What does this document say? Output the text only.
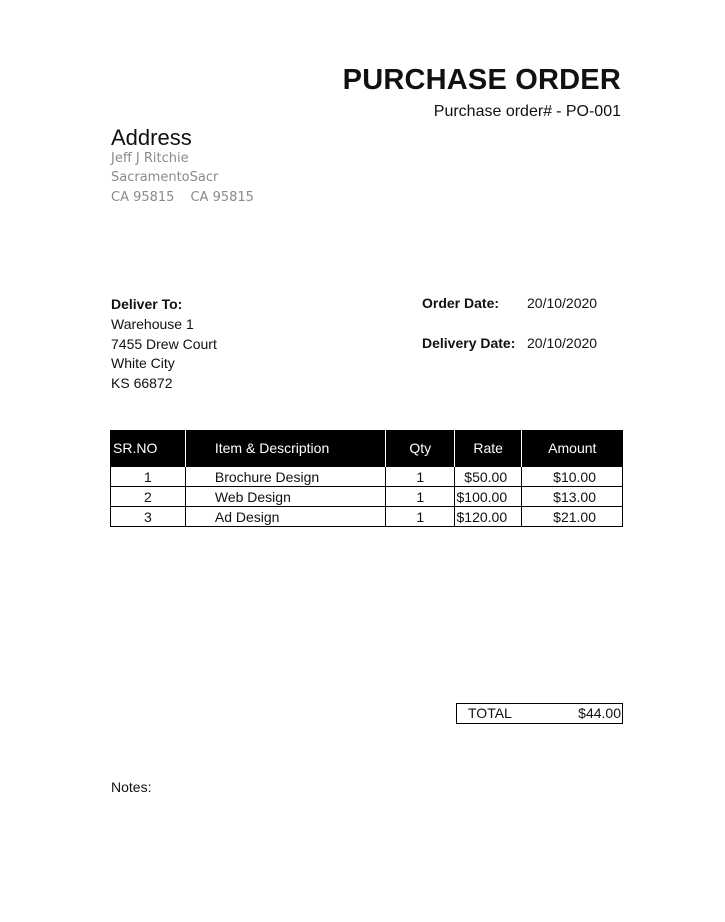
PURCHASE ORDER
Purchase order# - PO-001
Address
Jeff J Ritchie
SacramentoSacr
CA 95815 CA 95815
Deliver To:
Warehouse 1
7455 Drew Court
White City
KS 66872
Order Date: 20/10/2020
Delivery Date: 20/10/2020
SR.NO	Item & Description	Qty	Rate	Amount
1	Brochure Design	1	$50.00	$10.00
2	Web Design	1	$100.00	$13.00
3	Ad Design	1	$120.00	$21.00
TOTAL	$44.00
Notes:
